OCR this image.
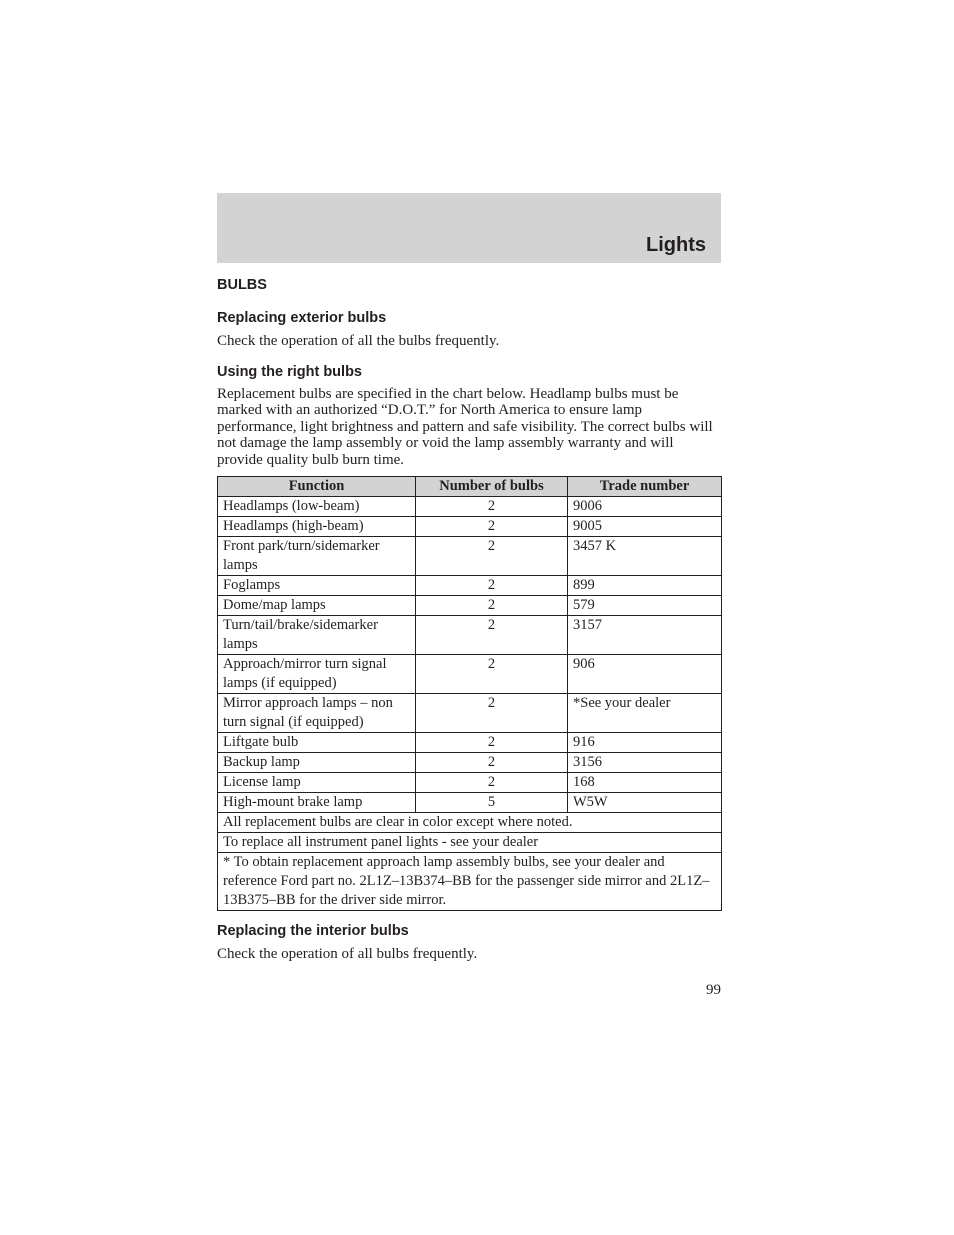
Lights
BULBS
Replacing exterior bulbs

Check the operation of all the bulbs frequently.

Using the right bulbs

Replacement bulbs are specified in the chart below. Headlamp bulbs must be marked with an authorized “D.O.T.” for North America to ensure lamp performance, light brightness and pattern and safe visibility. The correct bulbs will not damage the lamp assembly or void the lamp assembly warranty and will provide quality bulb burn time.

Function	Number of bulbs	Trade number
Headlamps (low-beam)	2	9006
Headlamps (high-beam)	2	9005
Front park/turn/sidemarker lamps	2	3457 K
Foglamps	2	899
Dome/map lamps	2	579
Turn/tail/brake/sidemarker lamps	2	3157
Approach/mirror turn signal lamps (if equipped)	2	906
Mirror approach lamps – non turn signal (if equipped)	2	*See your dealer
Liftgate bulb	2	916
Backup lamp	2	3156
License lamp	2	168
High-mount brake lamp	5	W5W
All replacement bulbs are clear in color except where noted.		
To replace all instrument panel lights - see your dealer		
* To obtain replacement approach lamp assembly bulbs, see your dealer and reference Ford part no. 2L1Z–13B374–BB for the passenger side mirror and 2L1Z–13B375–BB for the driver side mirror.		
Replacing the interior bulbs

Check the operation of all bulbs frequently.

99
